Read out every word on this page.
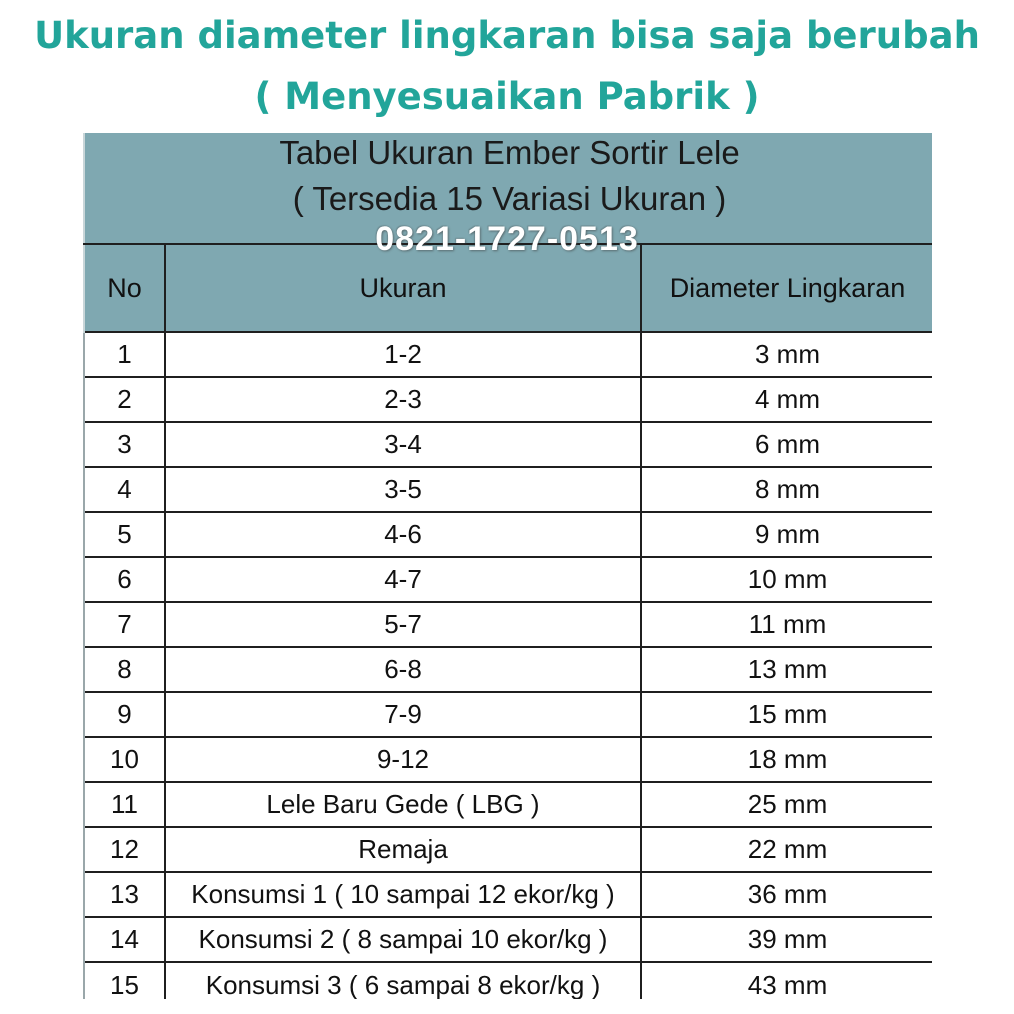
Ukuran diameter lingkaran bisa saja berubah
( Menyesuaikan Pabrik )
Tabel Ukuran Ember Sortir Lele
( Tersedia 15 Variasi Ukuran )
No	Ukuran	Diameter Lingkaran
1	1-2	3 mm
2	2-3	4 mm
3	3-4	6 mm
4	3-5	8 mm
5	4-6	9 mm
6	4-7	10 mm
7	5-7	11 mm
8	6-8	13 mm
9	7-9	15 mm
10	9-12	18 mm
11	Lele Baru Gede ( LBG )	25 mm
12	Remaja	22 mm
13	Konsumsi 1 ( 10 sampai 12 ekor/kg )	36 mm
14	Konsumsi 2 ( 8 sampai 10 ekor/kg )	39 mm
15	Konsumsi 3 ( 6 sampai 8 ekor/kg )	43 mm
0821-1727-0513
